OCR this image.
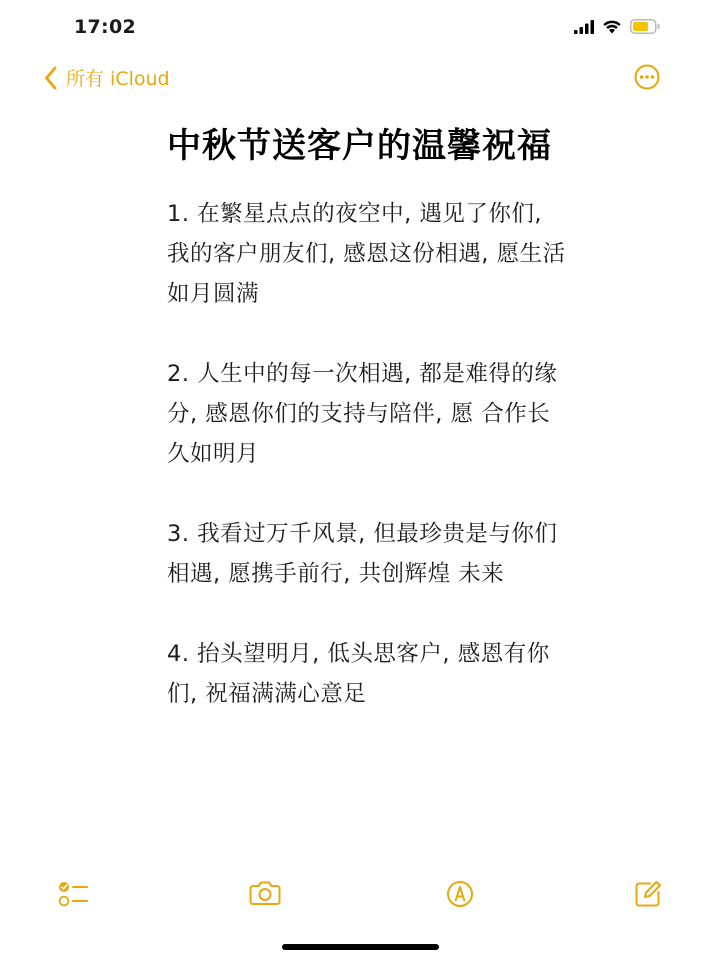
17:02
所有 iCloud
中秋节送客户的温馨祝福

1. 在繁星点点的夜空中, 遇见了你们, 我的客户朋友们, 感恩这份相遇, 愿生活如月圆满

2. 人生中的每一次相遇, 都是难得的缘分, 感恩你们的支持与陪伴, 愿 合作长久如明月

3. 我看过万千风景, 但最珍贵是与你们相遇, 愿携手前行, 共创辉煌 未来

4. 抬头望明月, 低头思客户, 感恩有你们, 祝福满满心意足
